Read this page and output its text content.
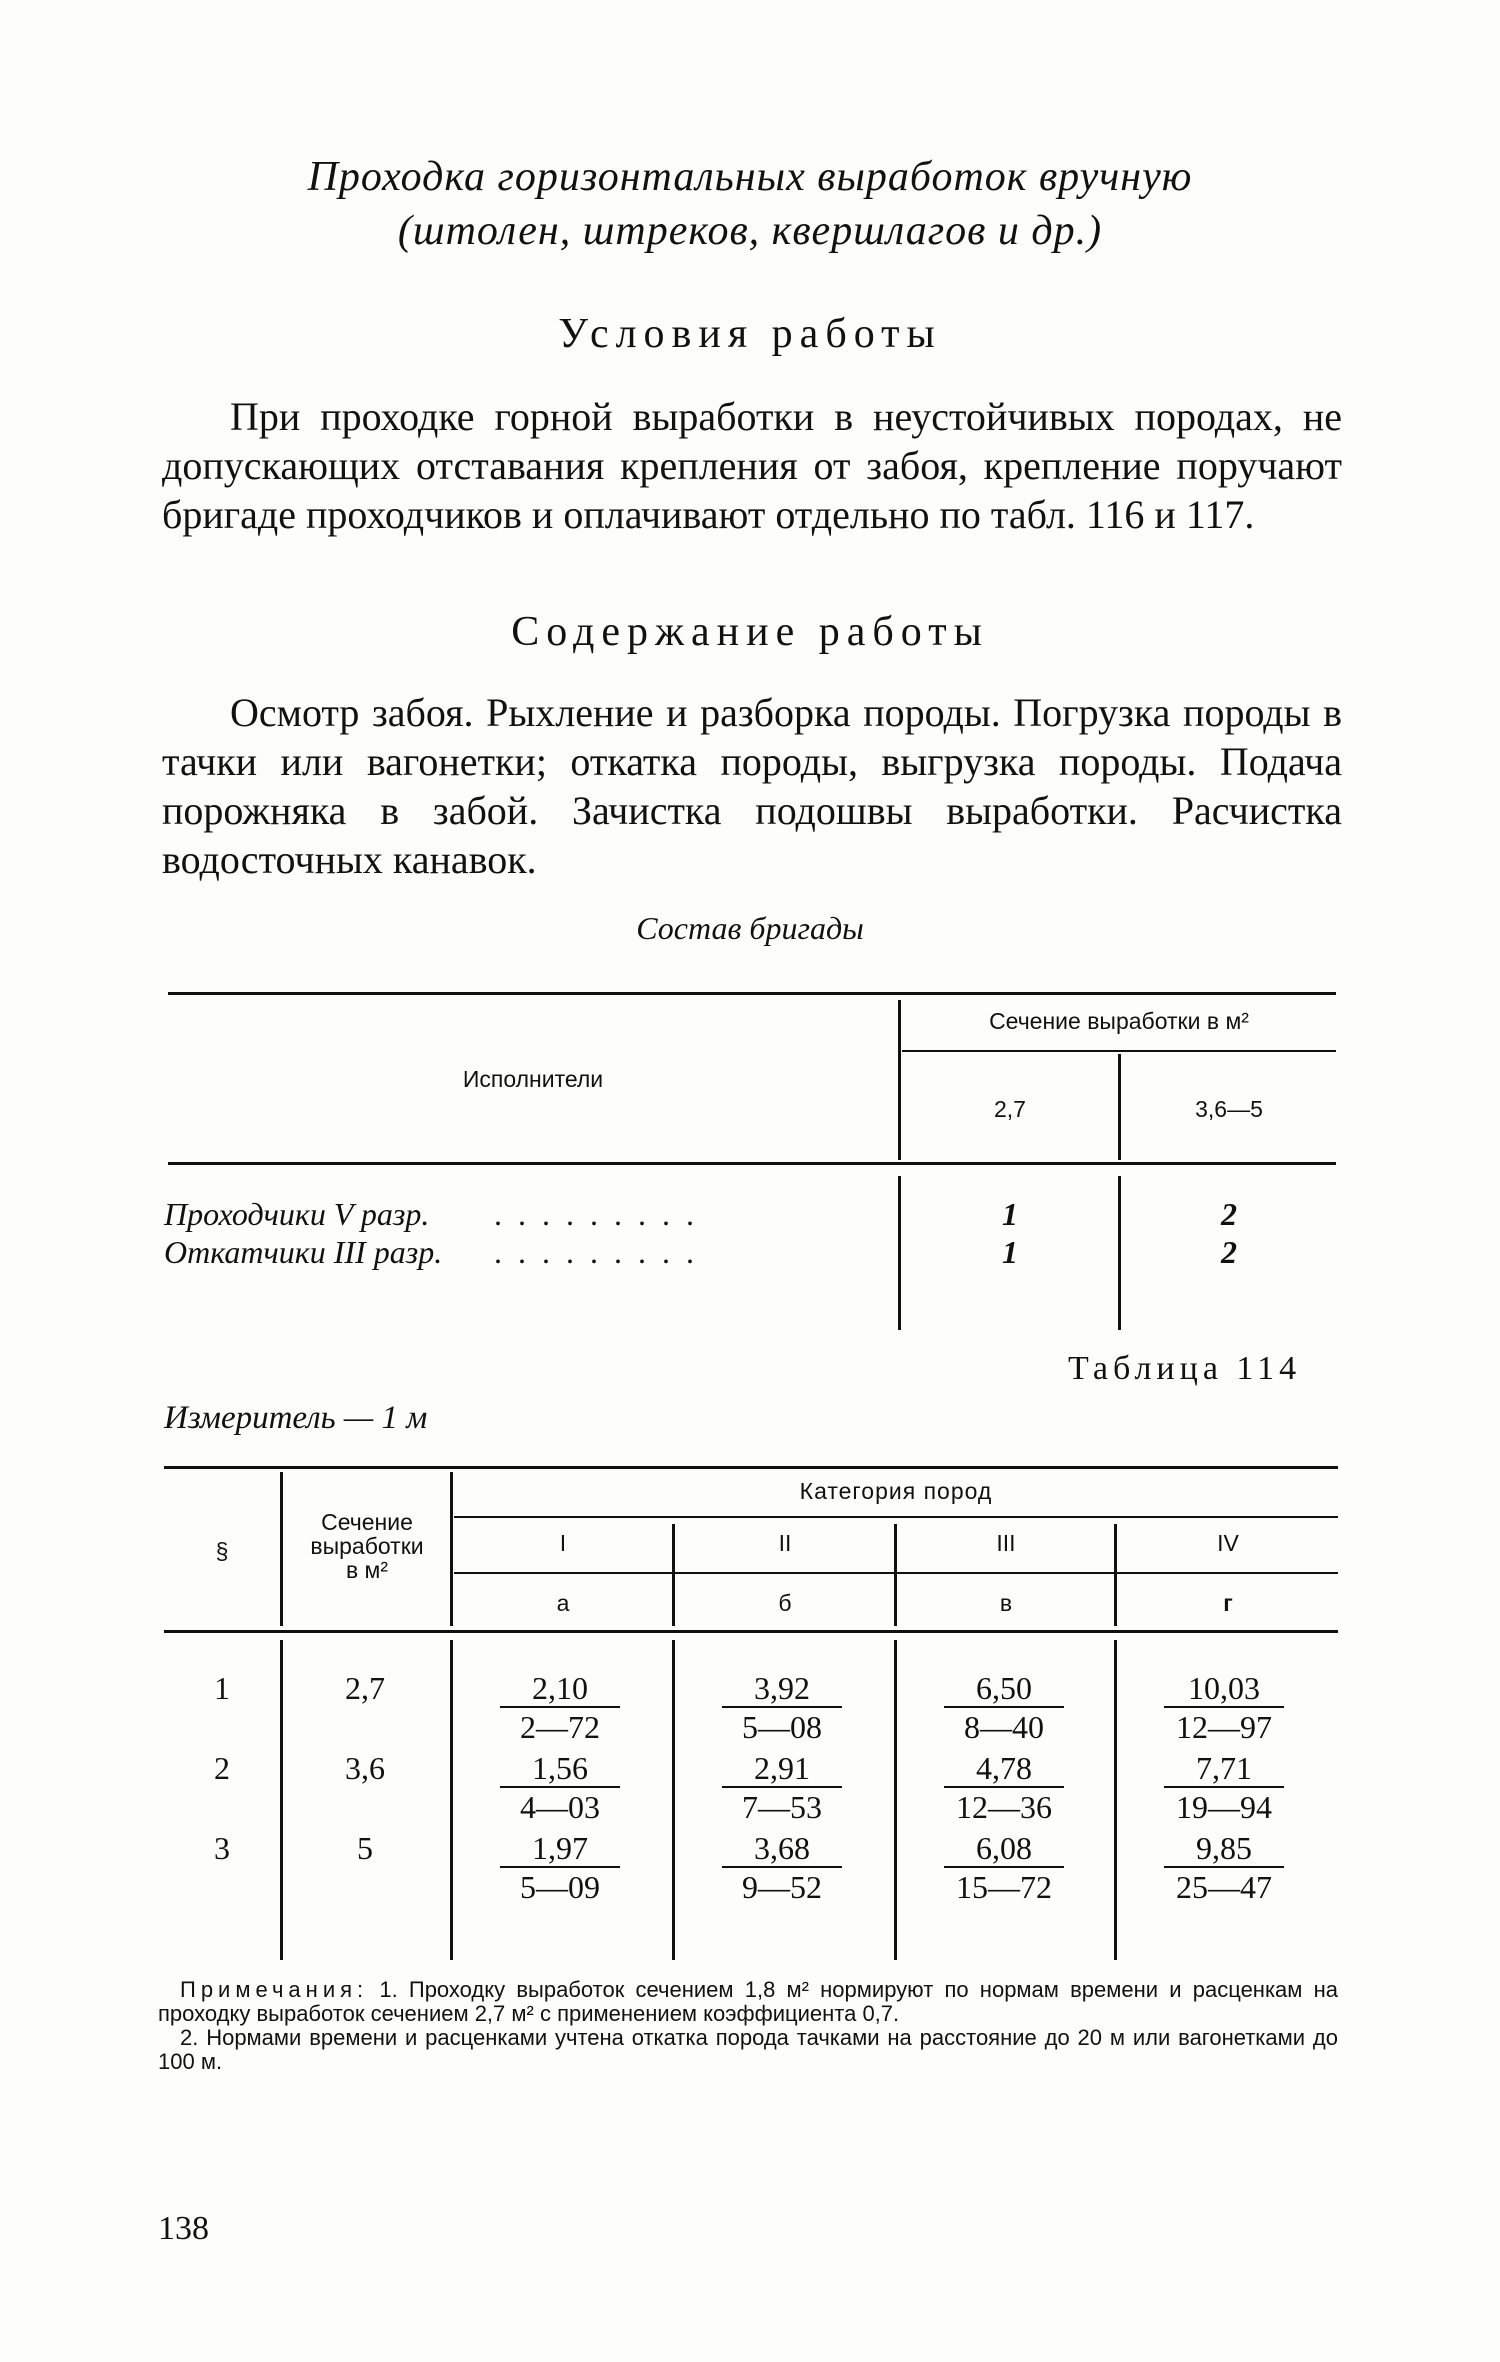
Проходка горизонтальных выработок вручную
(штолен, штреков, квершлагов и др.)
Условия работы

При проходке горной выработки в неустойчивых породах, не допускающих отставания крепления от забоя, крепление поручают бригаде проходчиков и оплачивают отдельно по табл. 116 и 117.

Содержание работы

Осмотр забоя. Рыхление и разборка породы. Погрузка породы в тачки или вагонетки; откатка породы, выгрузка породы. Подача порожняка в забой. Зачистка подошвы выработки. Расчистка водосточных канавок.

Состав бригады
Исполнители
Сечение выработки в м²
2,7	3,6—5
Проходчики V разр. . . . . . . . . .	1	2
Откатчики III разр. . . . . . . . . .	1	2
Таблица 114
Измеритель — 1 м
§
Сечение
выработки
в м²
Категория пород
I	II	III	IV
а	б	в	г
1	2,7	$\frac{2,10}{2—72}$	$\frac{3,92}{5—08}$	$\frac{6,50}{8—40}$	$\frac{10,03}{12—97}$
2	3,6	$\frac{1,56}{4—03}$	$\frac{2,91}{7—53}$	$\frac{4,78}{12—36}$	$\frac{7,71}{19—94}$
3	5	$\frac{1,97}{5—09}$	$\frac{3,68}{9—52}$	$\frac{6,08}{15—72}$	$\frac{9,85}{25—47}$

Примечания: 1. Проходку выработок сечением 1,8 м² нормируют по нормам времени и расценкам на проходку выработок сечением 2,7 м² с применением коэффициента 0,7.

2. Нормами времени и расценками учтена откатка порода тачками на расстояние до 20 м или вагонетками до 100 м.

138
